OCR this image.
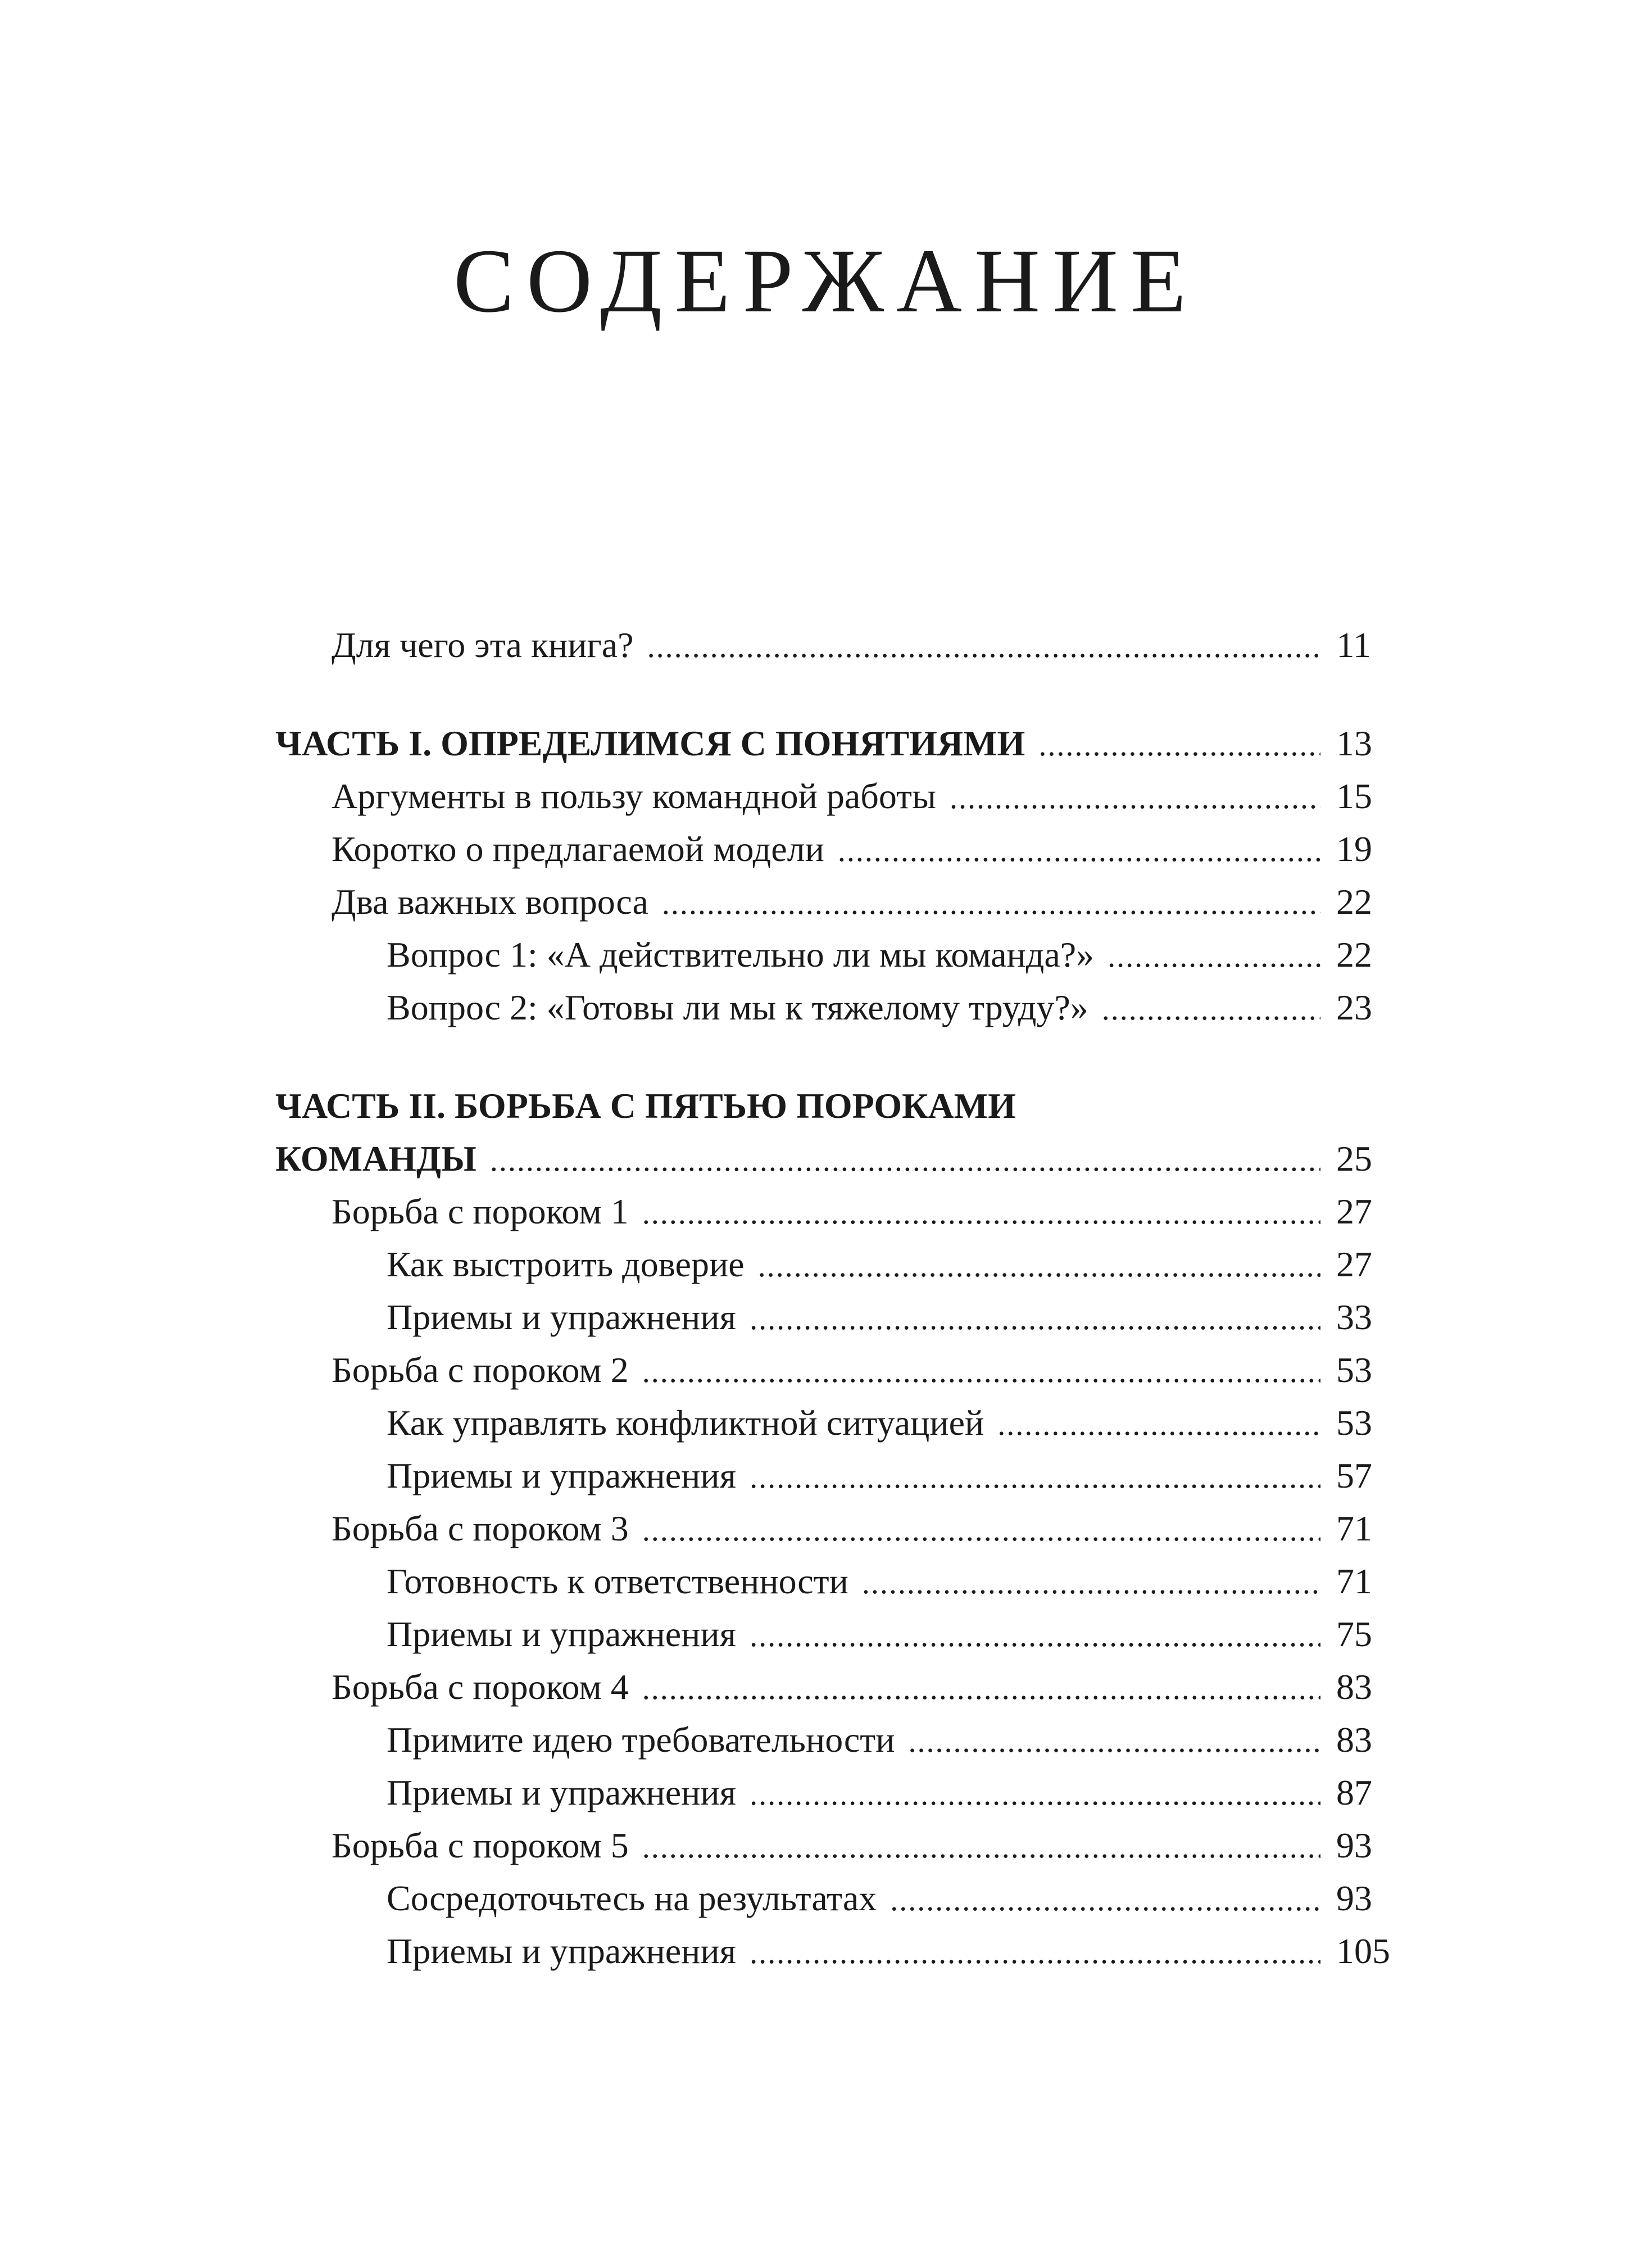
СОДЕРЖАНИЕ
Для чего эта книга? . . .	11
ЧАСТЬ I. ОПРЕДЕЛИМСЯ С ПОНЯТИЯМИ . . .	13
Аргументы в пользу командной работы . . .	15
Коротко о предлагаемой модели . . .	19
Два важных вопроса . . .	22
Вопрос 1: «А действительно ли мы команда?» . . .	22
Вопрос 2: «Готовы ли мы к тяжелому труду?» . . .	23
ЧАСТЬ II. БОРЬБА С ПЯТЬЮ ПОРОКАМИ
КОМАНДЫ . . .	25
Борьба с пороком 1 . . .	27
Как выстроить доверие . . .	27
Приемы и упражнения . . .	33
Борьба с пороком 2 . . .	53
Как управлять конфликтной ситуацией . . .	53
Приемы и упражнения . . .	57
Борьба с пороком 3 . . .	71
Готовность к ответственности . . .	71
Приемы и упражнения . . .	75
Борьба с пороком 4 . . .	83
Примите идею требовательности . . .	83
Приемы и упражнения . . .	87
Борьба с пороком 5 . . .	93
Сосредоточьтесь на результатах . . .	93
Приемы и упражнения . . .	105
